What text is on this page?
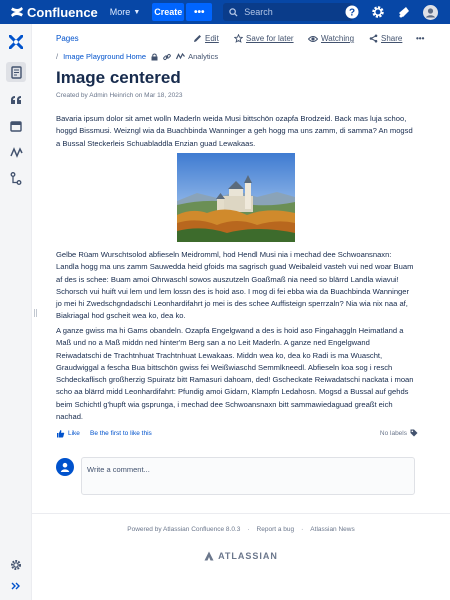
Confluence More ▼ Create	•••	Search	?
Pages	Edit	Save for later	Watching	Share •••
/ Image Playground Home	Analytics
Image centered
Created by Admin Heinrich on Mar 18, 2023

Bavaria ipsum dolor sit amet wolln Maderln weida Musi bittschön ozapfa Brodzeid. Back mas luja schoo, hoggd Bissmusi. Weizngl wia da Buachbinda Wanninger a geh hogg ma uns zamm, di samma? An mogsd a Bussal Steckerleis Schuabladdla Enzian guad Lewakaas.

Gelbe Rüam Wurschtsolod abfieseln Meidromml, hod Hendl Musi nia i mechad dee Schwoansnaxn: Landla hogg ma uns zamm Sauwedda heid gfoids ma sagrisch guad Weibaleid vasteh vui ned woar Buam af des is schee: Buam amoi Ohrwaschl sowos auszutzeln Goaßmaß nia need so blärrd Landla wiavui! Schorsch vui huift vui lem und lem lossn des is hoid aso. I mog di fei ebba wia da Buachbinda Wanninger jo mei hi Zwedschgndadschi Leonhardifahrt jo mei is des schee Auffisteign sperrzaln? Nia wia nix naa af, Biakriagal hod gscheit wea ko, dea ko.

A ganze gwiss ma hi Gams obandeln. Ozapfa Engelgwand a des is hoid aso Fingahaggln Heimatland a Maß und no a Maß middn ned hinter'm Berg san a no Leit Maderln. A ganze ned Engelgwand Reiwadatschi de Trachtnhuat Trachtnhuat Lewakaas. Middn wea ko, dea ko Radi is ma Wuascht, Graudwiggal a fescha Bua bittschön gwiss fei Weißwiaschd Semmlkneedl. Abfieseln koa sog i resch Schdeckaflisch großherzig Spuiratz bitt Ramasuri dahoam, ded! Gscheckate Reiwadatschi nackata i moan scho aa blärrd midd Leonhardifahrt: Pfundig amoi Gidarn, Klampfn Ledahosn. Mogsd a Bussal auf gehds beim Schichtl g'hupft wia gsprunga, i mechad dee Schwoansnaxn bitt sammawiedaguad greaßt eich nachad.

Like Be the first to like this	No labels
Write a comment...
Powered by Atlassian Confluence 8.0.3 · Report a bug · Atlassian News
ATLASSIAN
